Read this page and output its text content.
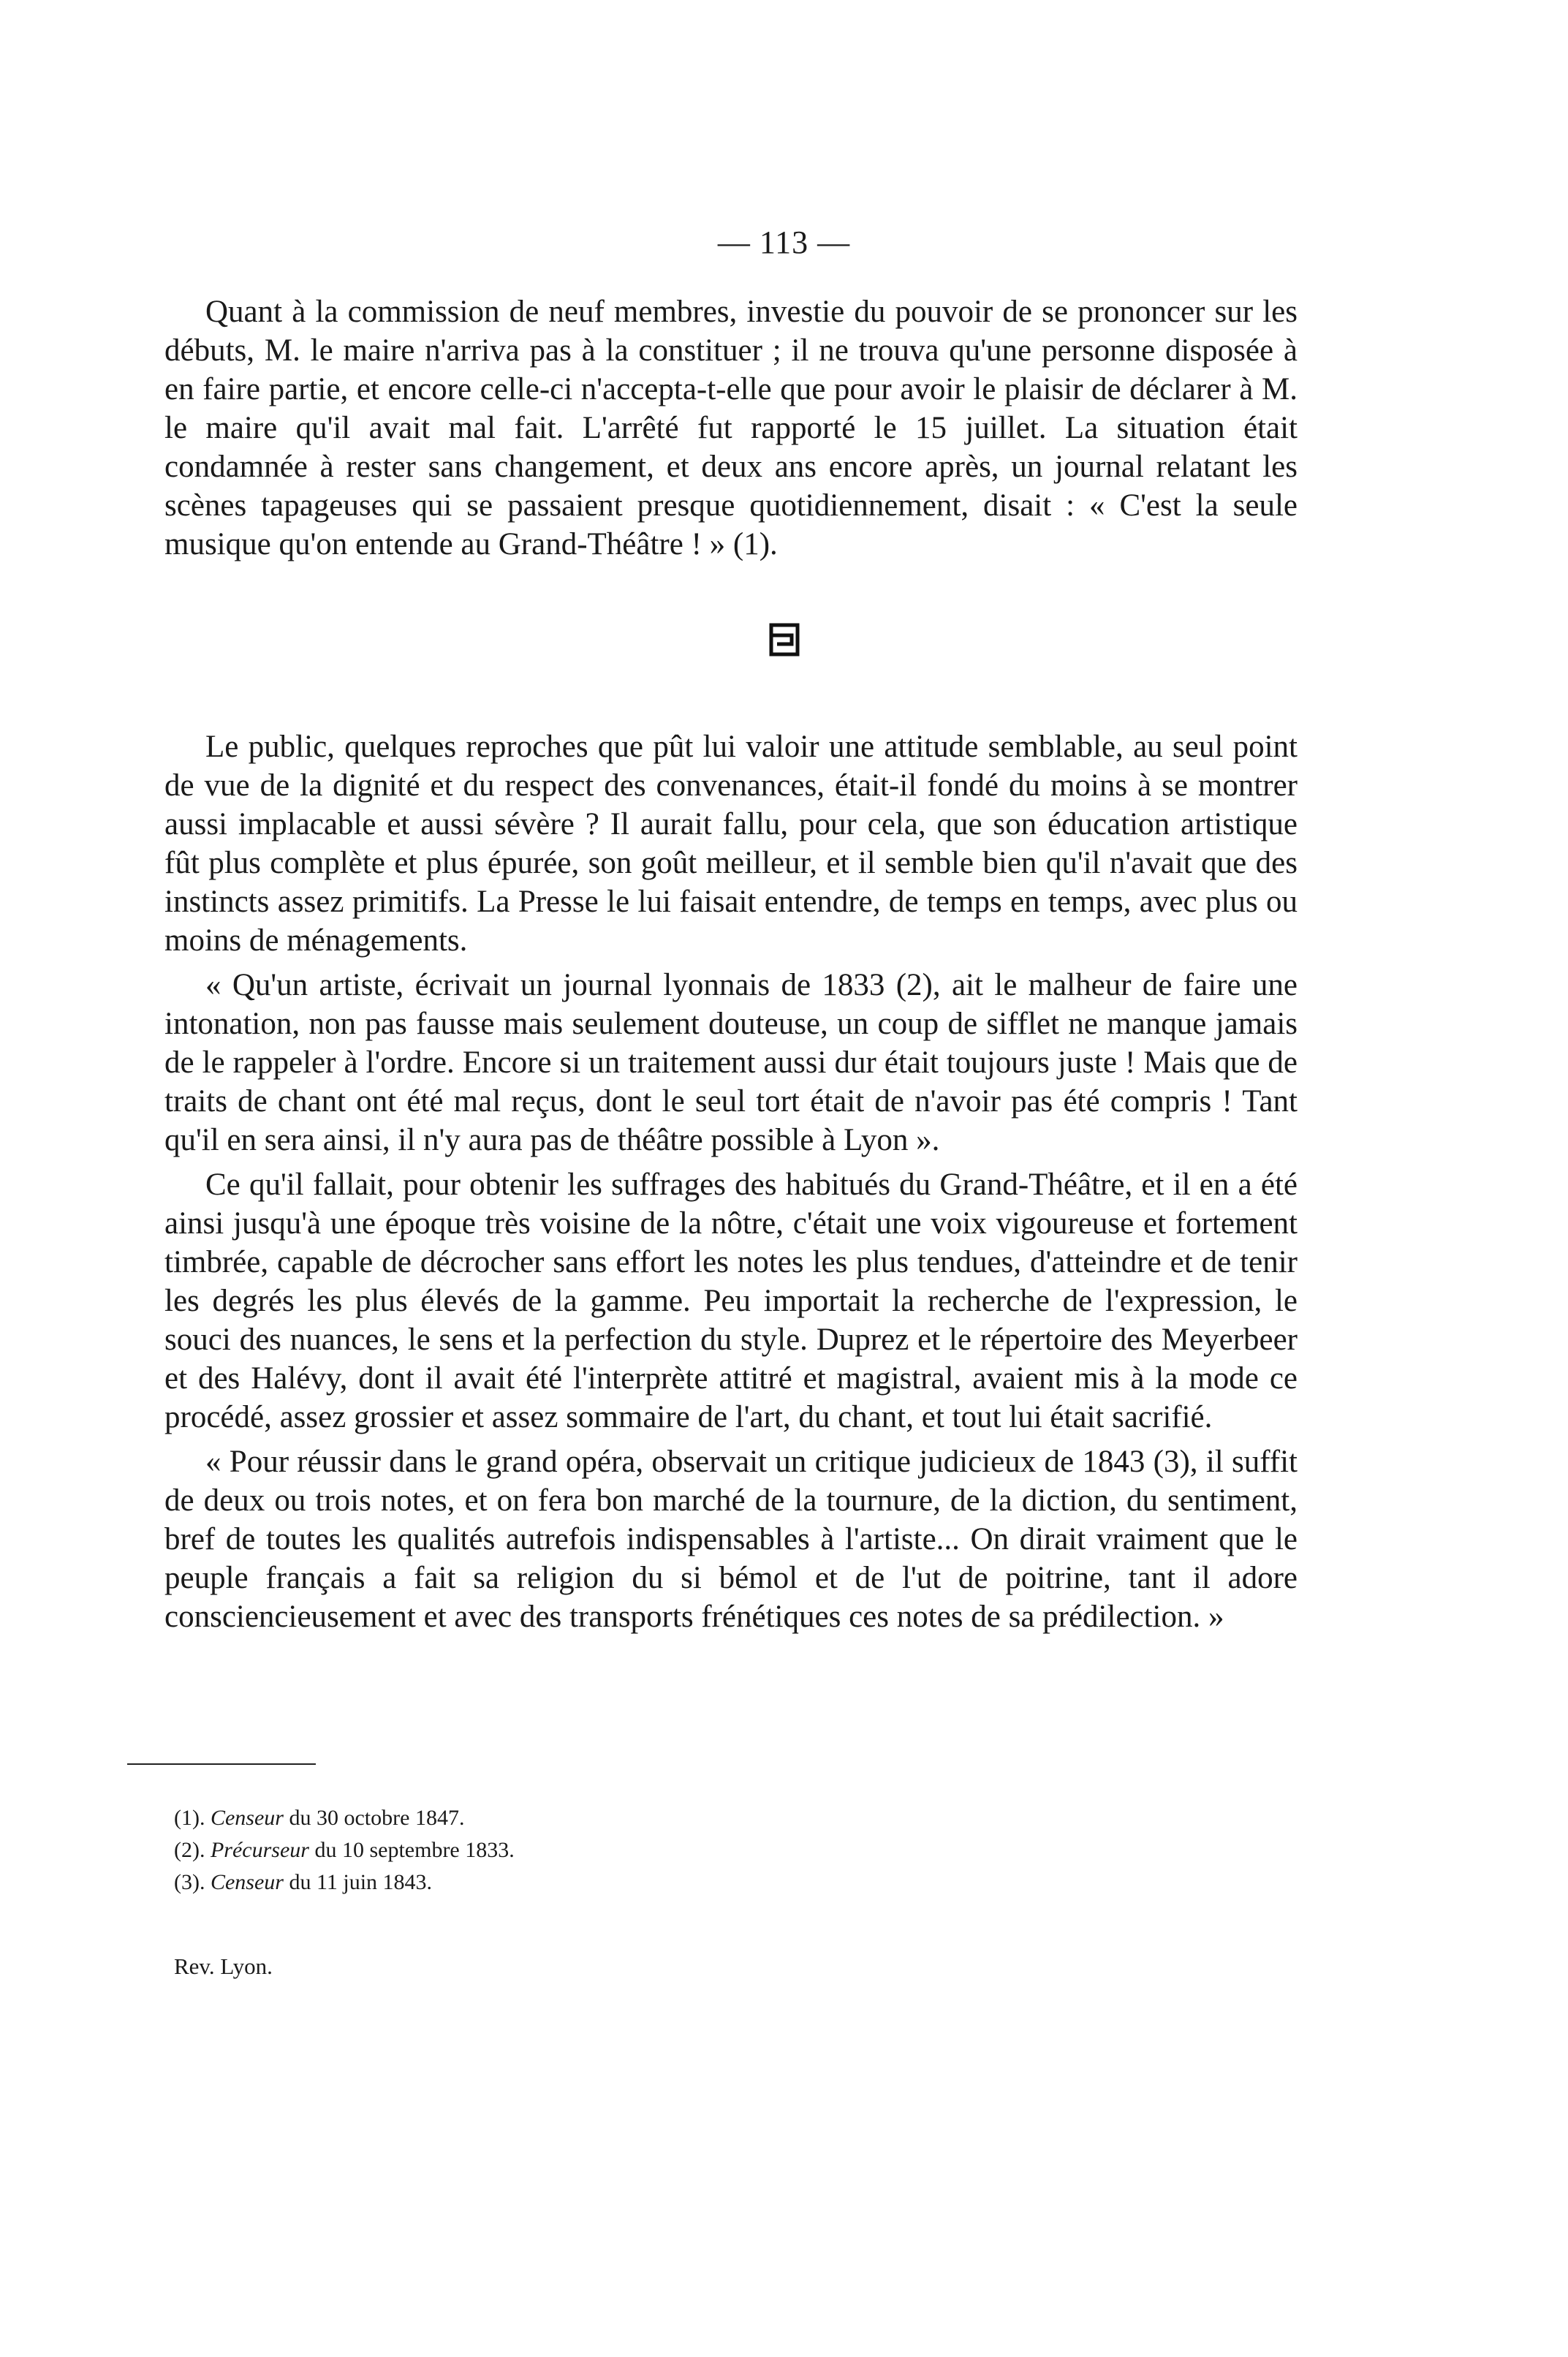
— 113 —

Quant à la commission de neuf membres, investie du pouvoir de se prononcer sur les débuts, M. le maire n'arriva pas à la constituer ; il ne trouva qu'une personne disposée à en faire partie, et encore celle-ci n'accepta-t-elle que pour avoir le plaisir de déclarer à M. le maire qu'il avait mal fait. L'arrêté fut rapporté le 15 juillet. La situation était condamnée à rester sans changement, et deux ans encore après, un journal relatant les scènes tapageuses qui se passaient presque quotidiennement, disait : « C'est la seule musique qu'on entende au Grand-Théâtre ! » (1).

Le public, quelques reproches que pût lui valoir une attitude semblable, au seul point de vue de la dignité et du respect des convenances, était-il fondé du moins à se montrer aussi implacable et aussi sévère ? Il aurait fallu, pour cela, que son éducation artistique fût plus complète et plus épurée, son goût meilleur, et il semble bien qu'il n'avait que des instincts assez primitifs. La Presse le lui faisait entendre, de temps en temps, avec plus ou moins de ménagements.

« Qu'un artiste, écrivait un journal lyonnais de 1833 (2), ait le malheur de faire une intonation, non pas fausse mais seulement douteuse, un coup de sifflet ne manque jamais de le rappeler à l'ordre. Encore si un traitement aussi dur était toujours juste ! Mais que de traits de chant ont été mal reçus, dont le seul tort était de n'avoir pas été compris ! Tant qu'il en sera ainsi, il n'y aura pas de théâtre possible à Lyon ».

Ce qu'il fallait, pour obtenir les suffrages des habitués du Grand-Théâtre, et il en a été ainsi jusqu'à une époque très voisine de la nôtre, c'était une voix vigoureuse et fortement timbrée, capable de décrocher sans effort les notes les plus tendues, d'atteindre et de tenir les degrés les plus élevés de la gamme. Peu importait la recherche de l'expression, le souci des nuances, le sens et la perfection du style. Duprez et le répertoire des Meyerbeer et des Halévy, dont il avait été l'interprète attitré et magistral, avaient mis à la mode ce procédé, assez grossier et assez sommaire de l'art, du chant, et tout lui était sacrifié.

« Pour réussir dans le grand opéra, observait un critique judicieux de 1843 (3), il suffit de deux ou trois notes, et on fera bon marché de la tournure, de la diction, du sentiment, bref de toutes les qualités autrefois indispensables à l'artiste... On dirait vraiment que le peuple français a fait sa religion du si bémol et de l'ut de poitrine, tant il adore consciencieusement et avec des transports frénétiques ces notes de sa prédilection. »

(1). Censeur du 30 octobre 1847.
(2). Précurseur du 10 septembre 1833.
(3). Censeur du 11 juin 1843.
Rev. Lyon.
